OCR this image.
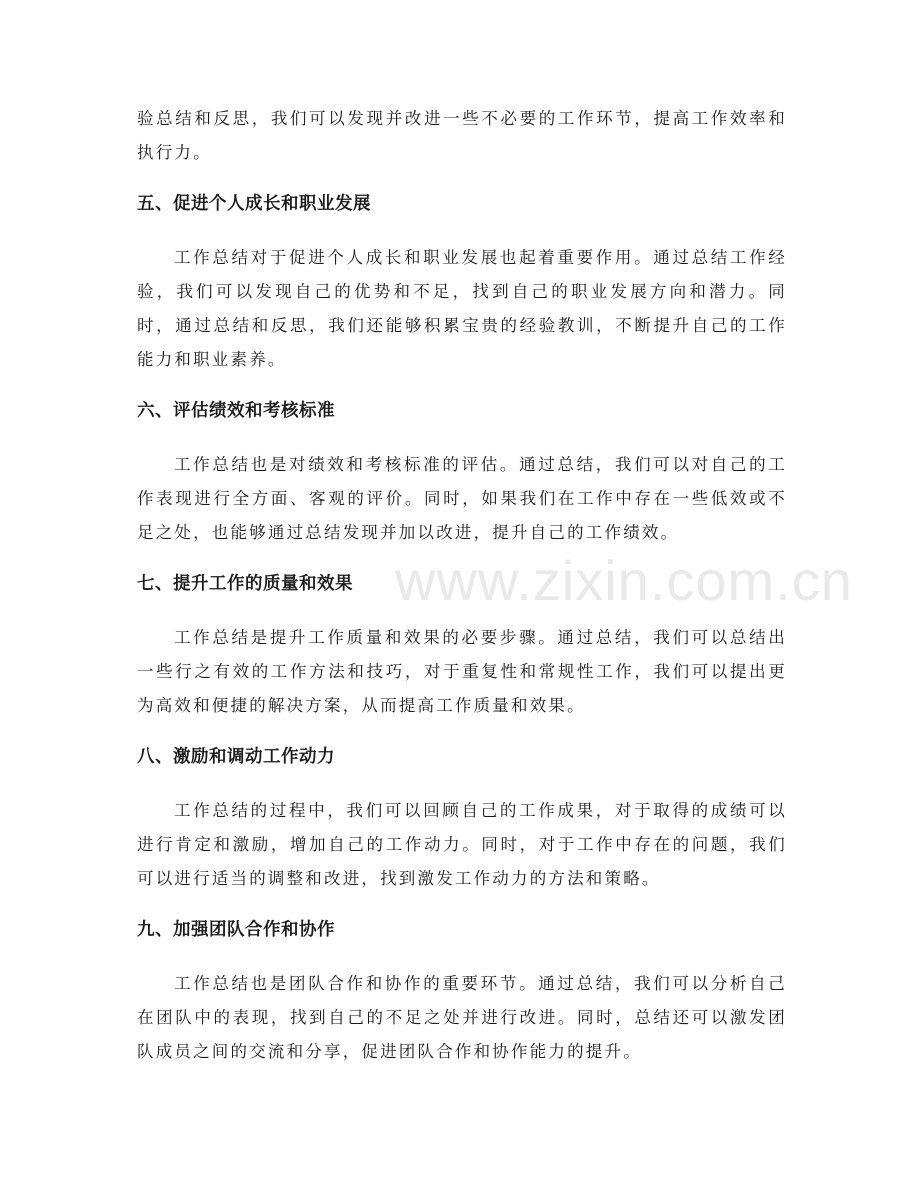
www.zixin.com.cn

验总结和反思，我们可以发现并改进一些不必要的工作环节，提高工作效率和执行力。

五、促进个人成长和职业发展

工作总结对于促进个人成长和职业发展也起着重要作用。通过总结工作经验，我们可以发现自己的优势和不足，找到自己的职业发展方向和潜力。同时，通过总结和反思，我们还能够积累宝贵的经验教训，不断提升自己的工作能力和职业素养。

六、评估绩效和考核标准

工作总结也是对绩效和考核标准的评估。通过总结，我们可以对自己的工作表现进行全方面、客观的评价。同时，如果我们在工作中存在一些低效或不足之处，也能够通过总结发现并加以改进，提升自己的工作绩效。

七、提升工作的质量和效果

工作总结是提升工作质量和效果的必要步骤。通过总结，我们可以总结出一些行之有效的工作方法和技巧，对于重复性和常规性工作，我们可以提出更为高效和便捷的解决方案，从而提高工作质量和效果。

八、激励和调动工作动力

工作总结的过程中，我们可以回顾自己的工作成果，对于取得的成绩可以进行肯定和激励，增加自己的工作动力。同时，对于工作中存在的问题，我们可以进行适当的调整和改进，找到激发工作动力的方法和策略。

九、加强团队合作和协作

工作总结也是团队合作和协作的重要环节。通过总结，我们可以分析自己在团队中的表现，找到自己的不足之处并进行改进。同时，总结还可以激发团队成员之间的交流和分享，促进团队合作和协作能力的提升。
